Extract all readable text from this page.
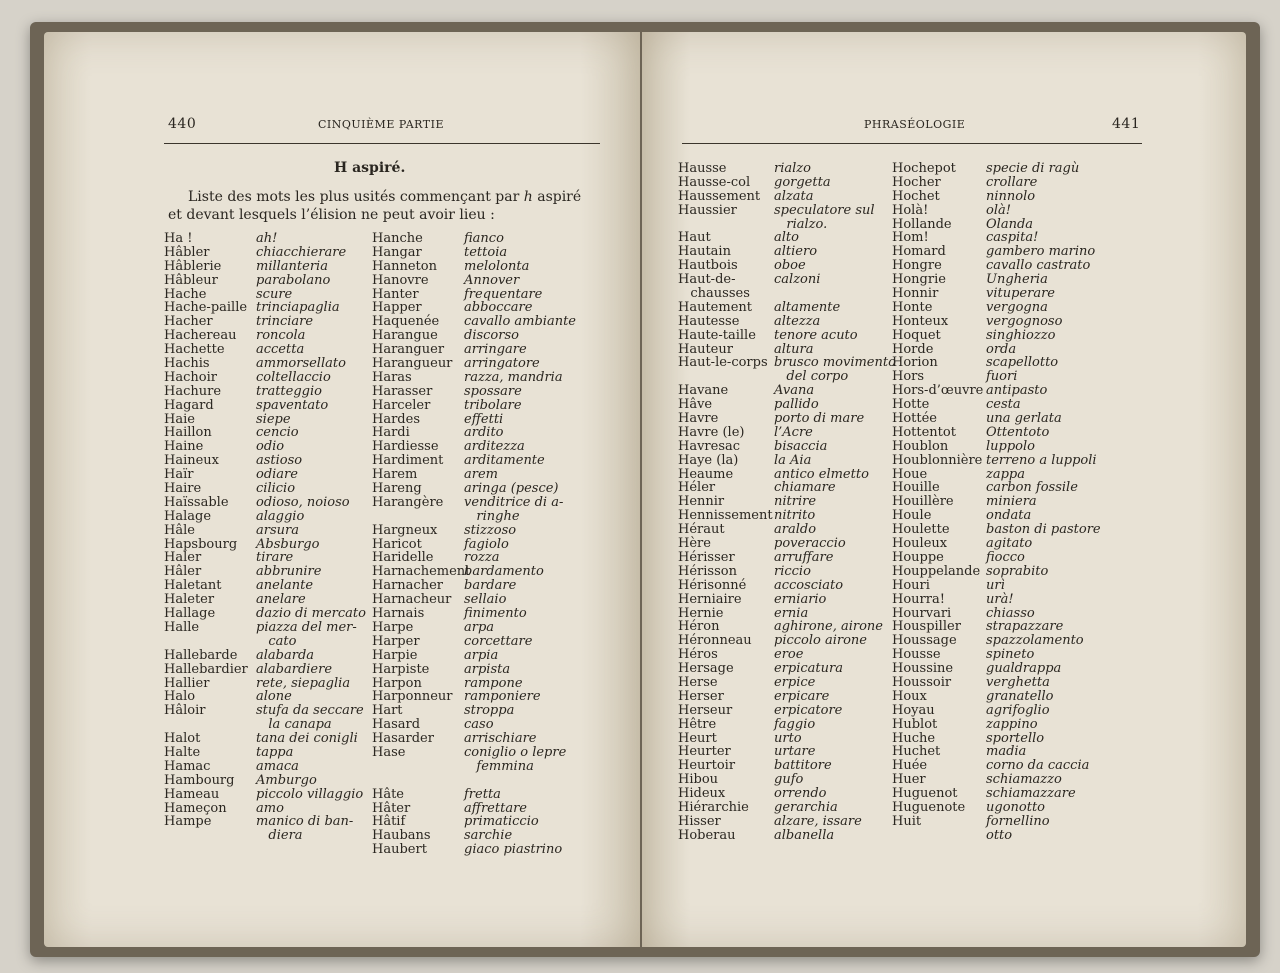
440	CINQUIÈME PARTIE
H aspiré.
Liste des mots les plus usités commençant par h aspiré
et devant lesquels l’élision ne peut avoir lieu :
Ha !
Hâbler
Hâblerie
Hâbleur
Hache
Hache-paille
Hacher
Hachereau
Hachette
Hachis
Hachoir
Hachure
Hagard
Haie
Haillon
Haine
Haineux
Haïr
Haire
Haïssable
Halage
Hâle
Hapsbourg
Haler
Hâler
Haletant
Haleter
Hallage
Halle
Hallebarde
Hallebardier
Hallier
Halo
Hâloir
Halot
Halte
Hamac
Hambourg
Hameau
Hameçon
Hampe
ah!
chiacchierare
millanteria
parabolano
scure
trinciapaglia
trinciare
roncola
accetta
ammorsellato
coltellaccio
tratteggio
spaventato
siepe
cencio
odio
astioso
odiare
cilicio
odioso, noioso
alaggio
arsura
Absburgo
tirare
abbrunire
anelante
anelare
dazio di mercato
piazza del mer-
cato
alabarda
alabardiere
rete, siepaglia
alone
stufa da seccare
la canapa
tana dei conigli
tappa
amaca
Amburgo
piccolo villaggio
amo
manico di ban-
diera
Hanche
Hangar
Hanneton
Hanovre
Hanter
Happer
Haquenée
Harangue
Haranguer
Harangueur
Haras
Harasser
Harceler
Hardes
Hardi
Hardiesse
Hardiment
Harem
Hareng
Harangère
Hargneux
Haricot
Haridelle
Harnachement
Harnacher
Harnacheur
Harnais
Harpe
Harper
Harpie
Harpiste
Harpon
Harponneur
Hart
Hasard
Hasarder
Hase
Hâte
Hâter
Hâtif
Haubans
Haubert
fianco
tettoia
melolonta
Annover
frequentare
abboccare
cavallo ambiante
discorso
arringare
arringatore
razza, mandria
spossare
tribolare
effetti
ardito
arditezza
arditamente
arem
aringa (pesce)
venditrice di a-
ringhe
stizzoso
fagiolo
rozza
bardamento
bardare
sellaio
finimento
arpa
corcettare
arpia
arpista
rampone
ramponiere
stroppa
caso
arrischiare
coniglio o lepre
femmina
fretta
affrettare
primaticcio
sarchie
giaco piastrino
PHRASÉOLOGIE	441
Hausse
Hausse-col
Haussement
Haussier
Haut
Hautain
Hautbois
Haut-de-
chausses
Hautement
Hautesse
Haute-taille
Hauteur
Haut-le-corps
Havane
Hâve
Havre
Havre (le)
Havresac
Haye (la)
Heaume
Héler
Hennir
Hennissement
Héraut
Hère
Hérisser
Hérisson
Hérisonné
Herniaire
Hernie
Héron
Héronneau
Héros
Hersage
Herse
Herser
Herseur
Hêtre
Heurt
Heurter
Heurtoir
Hibou
Hideux
Hiérarchie
Hisser
Hoberau
rialzo
gorgetta
alzata
speculatore sul
rialzo.
alto
altiero
oboe
calzoni
altamente
altezza
tenore acuto
altura
brusco movimento
del corpo
Avana
pallido
porto di mare
l’Acre
bisaccia
la Aia
antico elmetto
chiamare
nitrire
nitrito
araldo
poveraccio
arruffare
riccio
accosciato
erniario
ernia
aghirone, airone
piccolo airone
eroe
erpicatura
erpice
erpicare
erpicatore
faggio
urto
urtare
battitore
gufo
orrendo
gerarchia
alzare, issare
albanella
Hochepot
Hocher
Hochet
Holà!
Hollande
Hom!
Homard
Hongre
Hongrie
Honnir
Honte
Honteux
Hoquet
Horde
Horion
Hors
Hors-d’œuvre
Hotte
Hottée
Hottentot
Houblon
Houblonnière
Houe
Houille
Houillère
Houle
Houlette
Houleux
Houppe
Houppelande
Houri
Hourra!
Hourvari
Houspiller
Houssage
Housse
Houssine
Houssoir
Houx
Hoyau
Hublot
Huche
Huchet
Huée
Huer
Huguenot
Huguenote
Huit
specie di ragù
crollare
ninnolo
olà!
Olanda
caspita!
gambero marino
cavallo castrato
Ungheria
vituperare
vergogna
vergognoso
singhiozzo
orda
scapellotto
fuori
antipasto
cesta
una gerlata
Ottentoto
luppolo
terreno a luppoli
zappa
carbon fossile
miniera
ondata
baston di pastore
agitato
fiocco
soprabito
urì
urà!
chiasso
strapazzare
spazzolamento
spineto
gualdrappa
verghetta
granatello
agrifoglio
zappino
sportello
madia
corno da caccia
schiamazzo
schiamazzare
ugonotto
fornellino
otto
